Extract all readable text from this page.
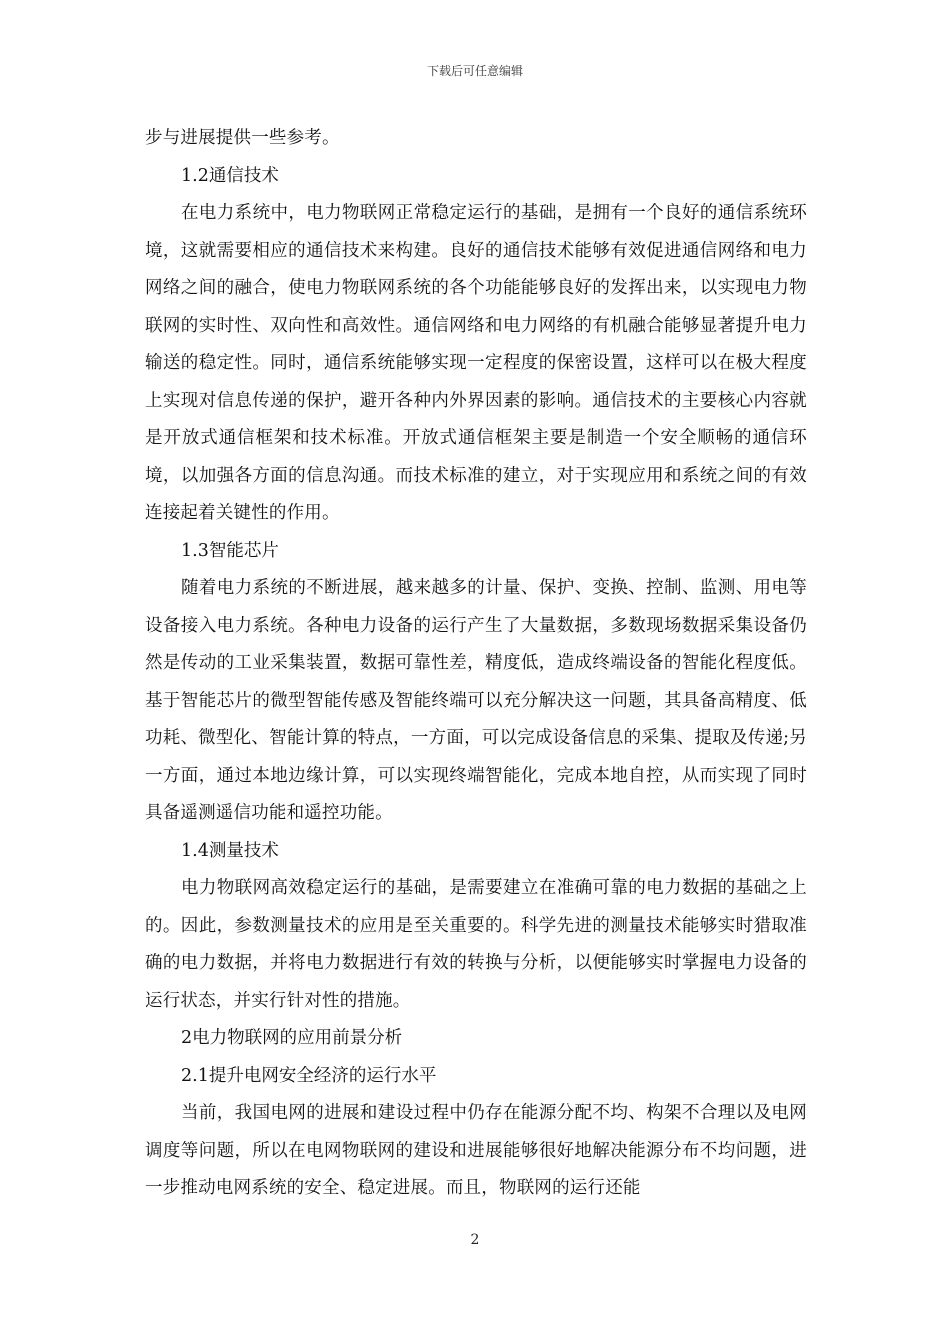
下载后可任意编辑

步与进展提供一些参考。

1.2通信技术

在电力系统中，电力物联网正常稳定运行的基础，是拥有一个良好的通信系统环境，这就需要相应的通信技术来构建。良好的通信技术能够有效促进通信网络和电力网络之间的融合，使电力物联网系统的各个功能能够良好的发挥出来，以实现电力物联网的实时性、双向性和高效性。通信网络和电力网络的有机融合能够显著提升电力输送的稳定性。同时，通信系统能够实现一定程度的保密设置，这样可以在极大程度上实现对信息传递的保护，避开各种内外界因素的影响。通信技术的主要核心内容就是开放式通信框架和技术标准。开放式通信框架主要是制造一个安全顺畅的通信环境，以加强各方面的信息沟通。而技术标准的建立，对于实现应用和系统之间的有效连接起着关键性的作用。

1.3智能芯片

随着电力系统的不断进展，越来越多的计量、保护、变换、控制、监测、用电等设备接入电力系统。各种电力设备的运行产生了大量数据，多数现场数据采集设备仍然是传动的工业采集装置，数据可靠性差，精度低，造成终端设备的智能化程度低。基于智能芯片的微型智能传感及智能终端可以充分解决这一问题，其具备高精度、低功耗、微型化、智能计算的特点，一方面，可以完成设备信息的采集、提取及传递;另一方面，通过本地边缘计算，可以实现终端智能化，完成本地自控，从而实现了同时具备遥测遥信功能和遥控功能。

1.4测量技术

电力物联网高效稳定运行的基础，是需要建立在准确可靠的电力数据的基础之上的。因此，参数测量技术的应用是至关重要的。科学先进的测量技术能够实时猎取准确的电力数据，并将电力数据进行有效的转换与分析，以便能够实时掌握电力设备的运行状态，并实行针对性的措施。

2电力物联网的应用前景分析

2.1提升电网安全经济的运行水平

当前，我国电网的进展和建设过程中仍存在能源分配不均、构架不合理以及电网调度等问题，所以在电网物联网的建设和进展能够很好地解决能源分布不均问题，进一步推动电网系统的安全、稳定进展。而且，物联网的运行还能

2
